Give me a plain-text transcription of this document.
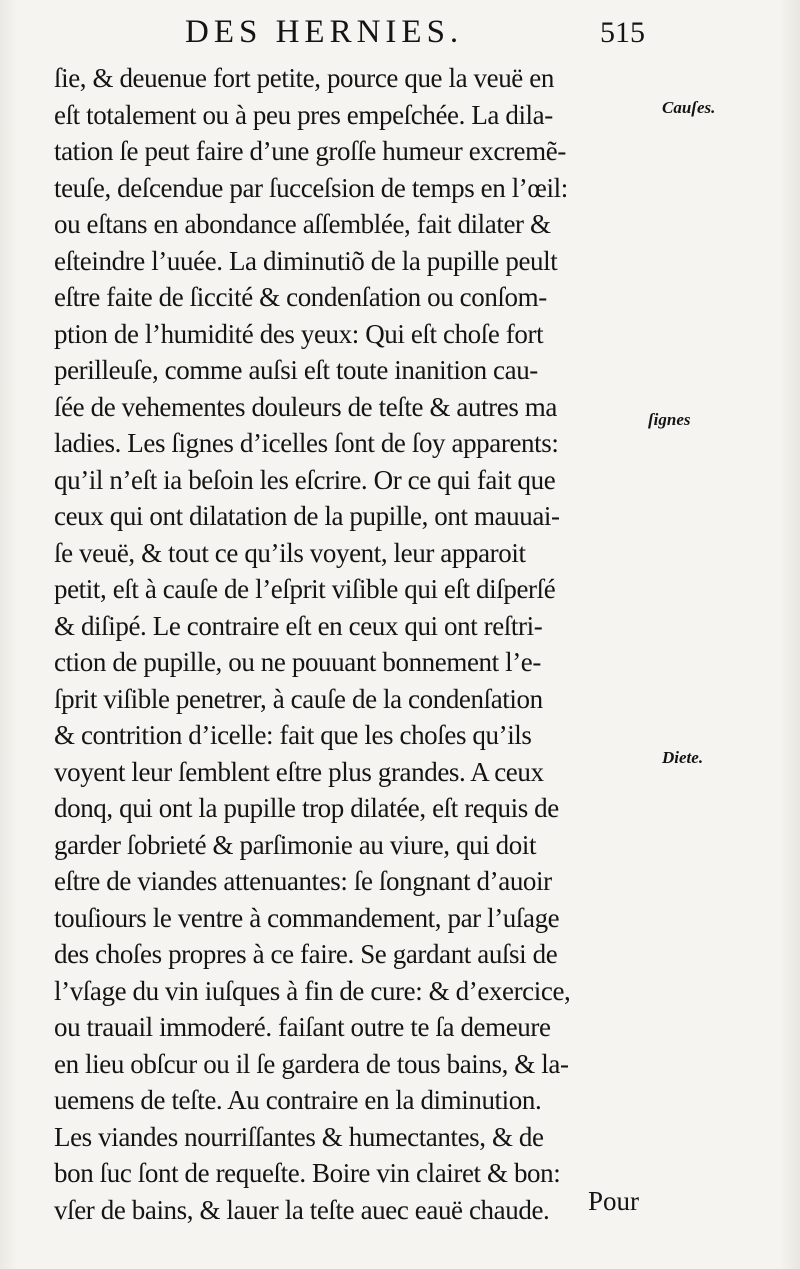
DES HERNIES.	515
ſie, & deuenue fort petite, pource que la veuë en
eſt totalement ou à peu pres empeſchée. La dila-
tation ſe peut faire d’une groſſe humeur excremẽ-
teuſe, deſcendue par ſucceſsion de temps en l’œil:
ou eſtans en abondance aſſemblée, fait dilater &
eſteindre l’uuée. La diminutiõ de la pupille peult
eſtre faite de ſiccité & condenſation ou conſom-
ption de l’humidité des yeux: Qui eſt choſe fort
perilleuſe, comme auſsi eſt toute inanition cau-
ſée de vehementes douleurs de teſte & autres ma
ladies. Les ſignes d’icelles ſont de ſoy apparents:
qu’il n’eſt ia beſoin les eſcrire. Or ce qui fait que
ceux qui ont dilatation de la pupille, ont mauuai-
ſe veuë, & tout ce qu’ils voyent, leur apparoit
petit, eſt à cauſe de l’eſprit viſible qui eſt diſperſé
& diſipé. Le contraire eſt en ceux qui ont reſtri-
ction de pupille, ou ne pouuant bonnement l’e-
ſprit viſible penetrer, à cauſe de la condenſation
& contrition d’icelle: fait que les choſes qu’ils
voyent leur ſemblent eſtre plus grandes. A ceux
donq, qui ont la pupille trop dilatée, eſt requis de
garder ſobrieté & parſimonie au viure, qui doit
eſtre de viandes attenuantes: ſe ſongnant d’auoir
touſiours le ventre à commandement, par l’uſage
des choſes propres à ce faire. Se gardant auſsi de
l’vſage du vin iuſques à fin de cure: & d’exercice,
ou trauail immoderé. faiſant outre te ſa demeure
en lieu obſcur ou il ſe gardera de tous bains, & la-
uemens de teſte. Au contraire en la diminution.
Les viandes nourriſſantes & humectantes, & de
bon ſuc ſont de requeſte. Boire vin clairet & bon:
vſer de bains, & lauer la teſte auec eauë chaude.	Pour
Cauſes.
ſignes
Diete.
